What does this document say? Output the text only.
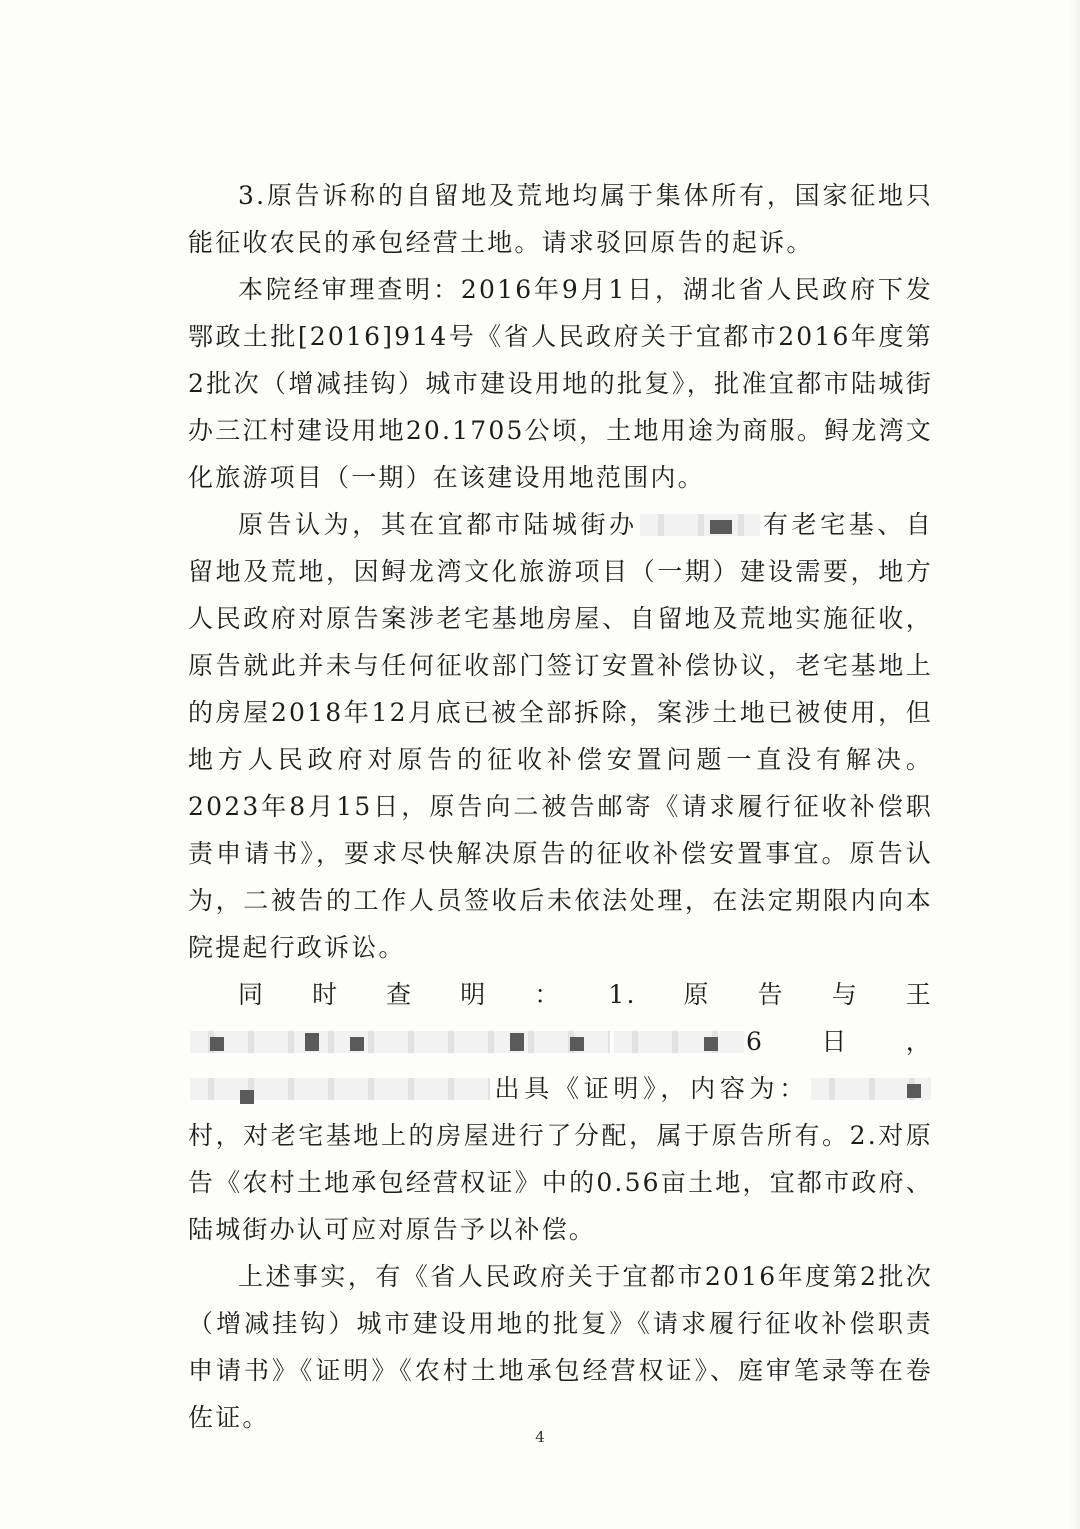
3.原告诉称的自留地及荒地均属于集体所有，国家征地只能征收农民的承包经营土地。请求驳回原告的起诉。

本院经审理查明：2016年9月1日，湖北省人民政府下发鄂政土批[2016]914号《省人民政府关于宜都市2016年度第2批次（增减挂钩）城市建设用地的批复》，批准宜都市陆城街办三江村建设用地20.1705公顷，土地用途为商服。鲟龙湾文化旅游项目（一期）在该建设用地范围内。

原告认为，其在宜都市陆城街办	有老宅基、自留地及荒地，因鲟龙湾文化旅游项目（一期）建设需要，地方人民政府对原告案涉老宅基地房屋、自留地及荒地实施征收，原告就此并未与任何征收部门签订安置补偿协议，老宅基地上的房屋2018年12月底已被全部拆除，案涉土地已被使用，但地方人民政府对原告的征收补偿安置问题一直没有解决。2023年8月15日，原告向二被告邮寄《请求履行征收补偿职责申请书》，要求尽快解决原告的征收补偿安置事宜。原告认为，二被告的工作人员签收后未依法处理，在法定期限内向本院提起行政诉讼。

同时查明：1.原告与王
6日，
出具《证明》，内容为：
村，对老宅基地上的房屋进行了分配，属于原告所有。2.对原告《农村土地承包经营权证》中的0.56亩土地，宜都市政府、陆城街办认可应对原告予以补偿。

上述事实，有《省人民政府关于宜都市2016年度第2批次（增减挂钩）城市建设用地的批复》《请求履行征收补偿职责申请书》《证明》《农村土地承包经营权证》、庭审笔录等在卷佐证。

4
